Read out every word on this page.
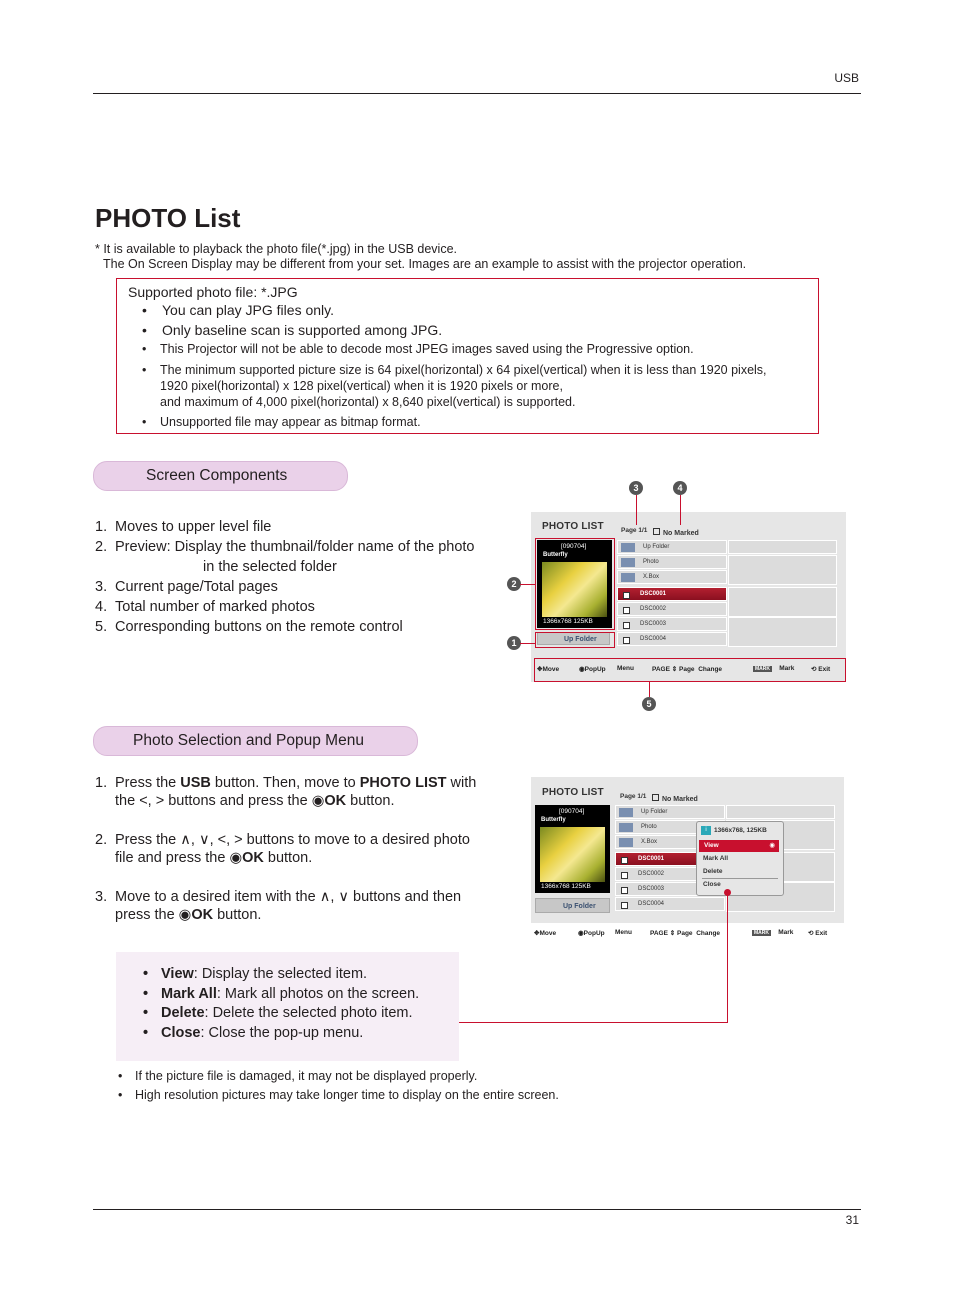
USB
PHOTO List
* It is available to playback the photo file(*.jpg) in the USB device.
The On Screen Display may be different from your set. Images are an example to assist with the projector operation.
Supported photo file: *.JPG
• You can play JPG files only.
• Only baseline scan is supported among JPG.
• This Projector will not be able to decode most JPEG images saved using the Progressive option.
• The minimum supported picture size is 64 pixel(horizontal) x 64 pixel(vertical) when it is less than 1920 pixels,
1920 pixel(horizontal) x 128 pixel(vertical) when it is 1920 pixels or more,
and maximum of 4,000 pixel(horizontal) x 8,640 pixel(vertical) is supported.
• Unsupported file may appear as bitmap format.
Screen Components
1. Moves to upper level file
2. Preview: Display the thumbnail/folder name of the photo
in the selected folder
3. Current page/Total pages
4. Total number of marked photos
5. Corresponding buttons on the remote control
PHOTO LIST	Page 1/1	No Marked
[090704]
Butterfly
1366x768 125KB
Up Folder
Up Folder
Photo
X.Box
DSC0001
DSC0002
DSC0003
DSC0004
✥Move	◉PopUp Menu	PAGE ⇕ Page Change	MARK Mark	⟲ Exit
3	4
2
1
5
Photo Selection and Popup Menu
1. Press the USB button. Then, move to PHOTO LIST with
the <, > buttons and press the ◉OK button.
2. Press the ∧, ∨, <, > buttons to move to a desired photo
file and press the ◉OK button.
3. Move to a desired item with the ∧, ∨ buttons and then
press the ◉OK button.
PHOTO LIST Page 1/1	No Marked
[090704]
Butterfly
1366x768 125KB
Up Folder
Up Folder
Photo
X.Box
DSC0001
DSC0002
DSC0003
DSC0004
i	1366x768, 125KB
View	◉
Mark All
Delete
Close
✥Move	◉PopUp Menu	PAGE ⇕ Page Change	MARK Mark ⟲ Exit
• View: Display the selected item.
• Mark All: Mark all photos on the screen.
• Delete: Delete the selected photo item.
• Close: Close the pop-up menu.
• If the picture file is damaged, it may not be displayed properly.
• High resolution pictures may take longer time to display on the entire screen.
31
